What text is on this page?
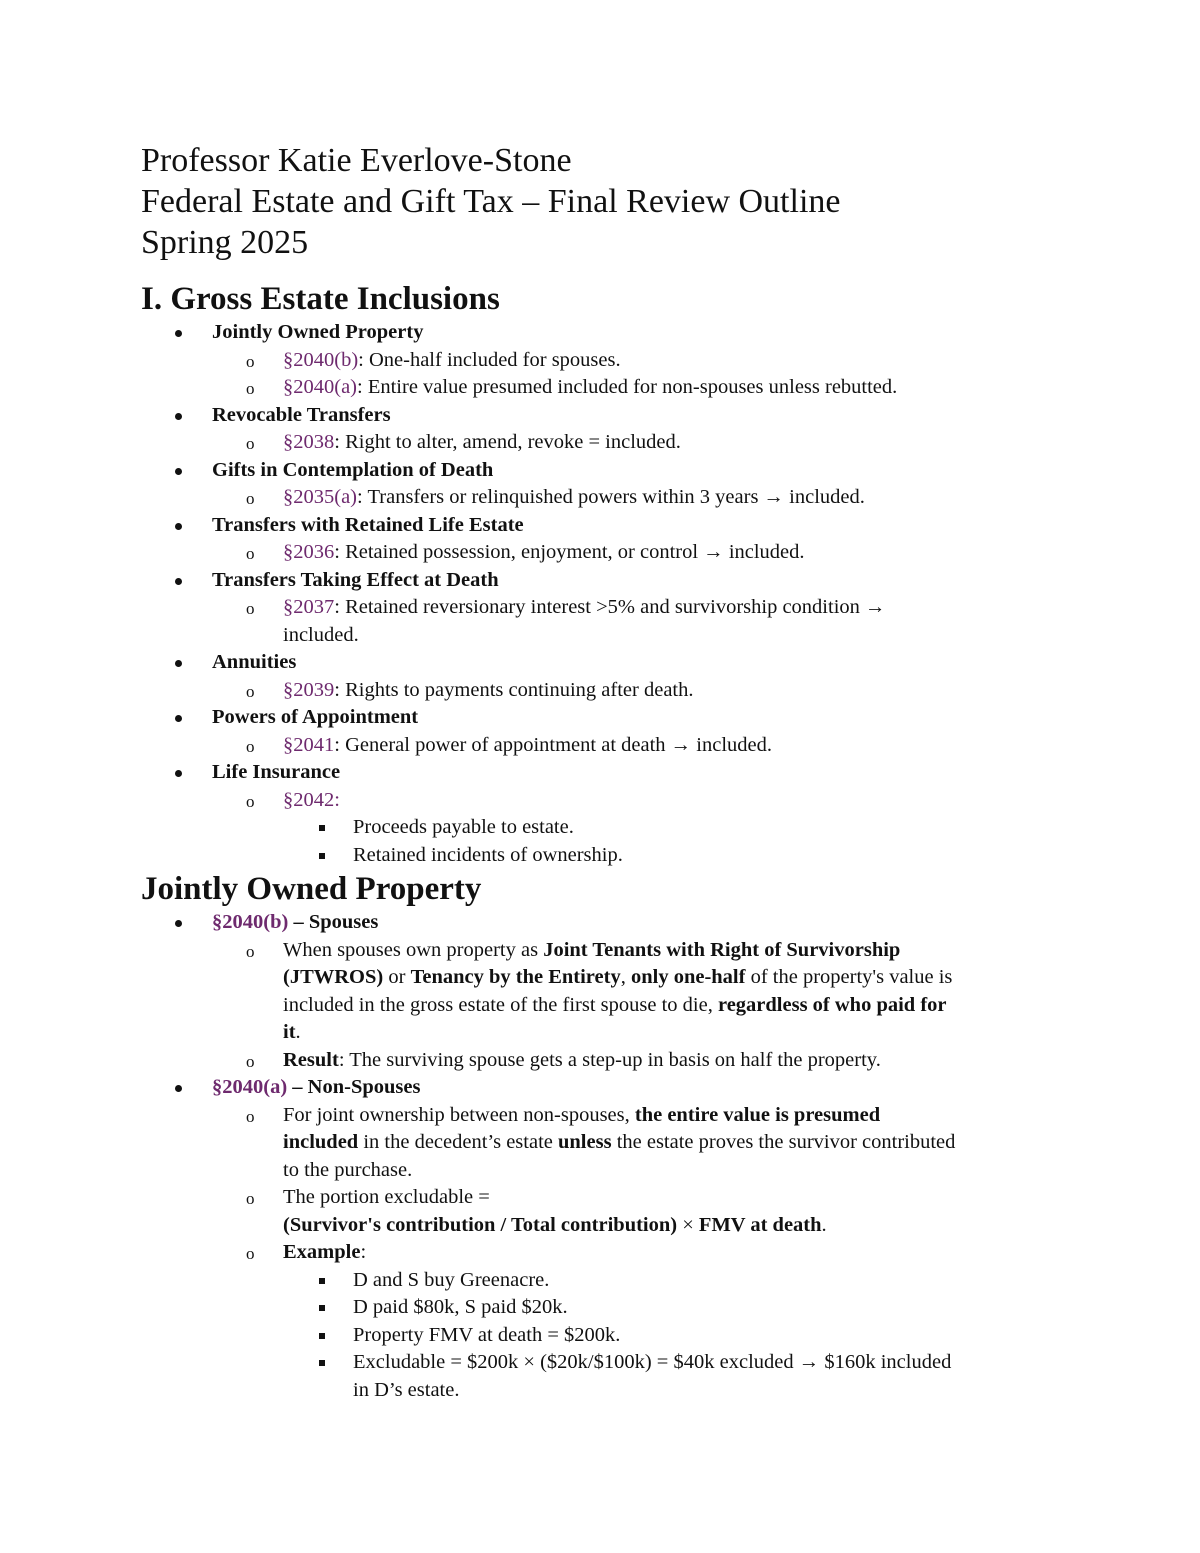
Professor Katie Everlove-Stone
Federal Estate and Gift Tax – Final Review Outline
Spring 2025
I. Gross Estate Inclusions
Jointly Owned Property
o §2040(b): One-half included for spouses.
o §2040(a): Entire value presumed included for non-spouses unless rebutted.
Revocable Transfers
o §2038: Right to alter, amend, revoke = included.
Gifts in Contemplation of Death
o §2035(a): Transfers or relinquished powers within 3 years → included.
Transfers with Retained Life Estate
o §2036: Retained possession, enjoyment, or control → included.
Transfers Taking Effect at Death
o §2037: Retained reversionary interest >5% and survivorship condition →
included.
Annuities
o §2039: Rights to payments continuing after death.
Powers of Appointment
o §2041: General power of appointment at death → included.
Life Insurance
o §2042:
Proceeds payable to estate.
Retained incidents of ownership.
Jointly Owned Property
§2040(b) – Spouses
o When spouses own property as Joint Tenants with Right of Survivorship
(JTWROS) or Tenancy by the Entirety, only one-half of the property's value is
included in the gross estate of the first spouse to die, regardless of who paid for
it.
o Result: The surviving spouse gets a step-up in basis on half the property.
§2040(a) – Non-Spouses
o For joint ownership between non-spouses, the entire value is presumed
included in the decedent’s estate unless the estate proves the survivor contributed
to the purchase.
o The portion excludable =
(Survivor's contribution / Total contribution) × FMV at death.
o Example:
D and S buy Greenacre.
D paid $80k, S paid $20k.
Property FMV at death = $200k.
Excludable = $200k × ($20k/$100k) = $40k excluded → $160k included
in D’s estate.
